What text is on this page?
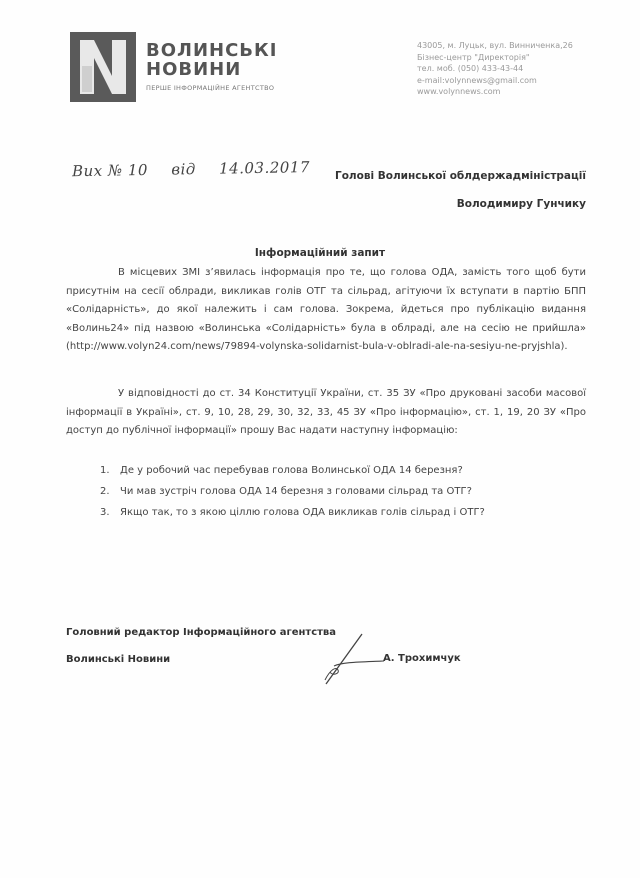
ВОЛИНСЬКІ
НОВИНИ
ПЕРШЕ ІНФОРМАЦІЙНЕ АГЕНТСТВО
43005, м. Луцьк, вул. Винниченка,26
Бізнес-центр "Директорія"
тел. моб. (050) 433-43-44
e-mail:volynnews@gmail.com
www.volynnews.com
Вих № 10 від 14.03.2017	Голові Волинської облдержадміністрації
Володимиру Гунчику
Інформаційний запит
В місцевих ЗМІ з’явилась інформація про те, що голова ОДА, замість того щоб бути присутнім на сесії облради, викликав голів ОТГ та сільрад, агітуючи їх вступати в партію БПП «Солідарність», до якої належить і сам голова. Зокрема, йдеться про публікацію видання «Волинь24» під назвою «Волинська «Солідарність» була в облраді, але на сесію не прийшла» (http://www.volyn24.com/news/79894-volynska-solidarnist-bula-v-oblradi-ale-na-sesiyu-ne-pryjshla).
У відповідності до ст. 34 Конституції України, ст. 35 ЗУ «Про друковані засоби масової інформації в Україні», ст. 9, 10, 28, 29, 30, 32, 33, 45 ЗУ «Про інформацію», ст. 1, 19, 20 ЗУ «Про доступ до публічної інформації» прошу Вас надати наступну інформацію:
1. Де у робочий час перебував голова Волинської ОДА 14 березня?
2. Чи мав зустріч голова ОДА 14 березня з головами сільрад та ОТГ?
3. Якщо так, то з якою ціллю голова ОДА викликав голів сільрад і ОТГ?
Головний редактор Інформаційного агентства
Волинські Новини	А. Трохимчук
